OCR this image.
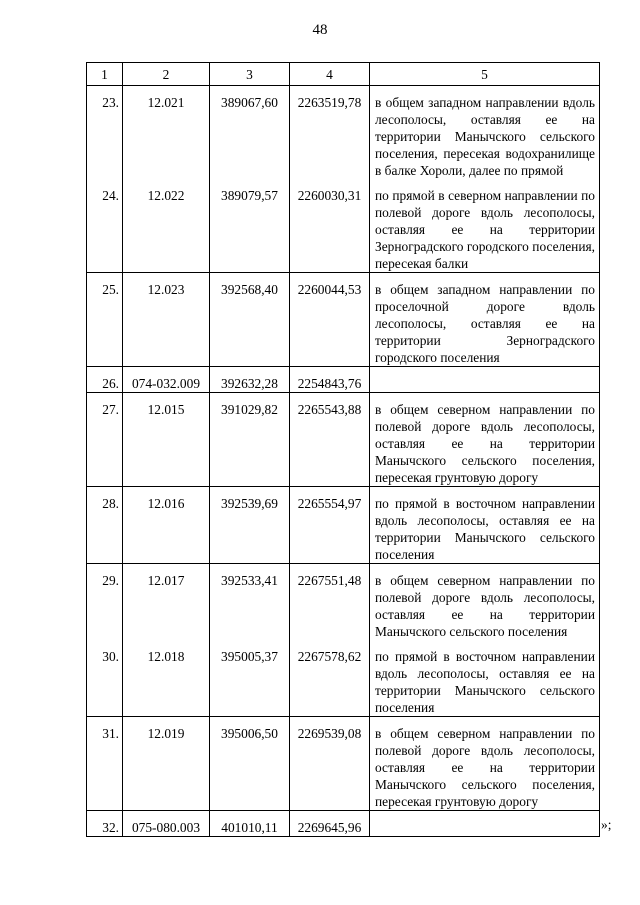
48
1	2	3	4	5
23.	12.021	389067,60	2263519,78	в общем западном направлении вдоль лесополосы, оставляя ее на территории Манычского сельского поселения, пересекая водохранилище в балке Хороли, далее по прямой
24.	12.022	389079,57	2260030,31	по прямой в северном направлении по полевой дороге вдоль лесополосы, оставляя ее на территории Зерноградского городского поселения, пересекая балки
25.	12.023	392568,40	2260044,53	в общем западном направлении по проселочной дороге вдоль лесополосы, оставляя ее на территории Зерноградского городского поселения
26.	074-032.009	392632,28	2254843,76	
27.	12.015	391029,82	2265543,88	в общем северном направлении по полевой дороге вдоль лесополосы, оставляя ее на территории Манычского сельского поселения, пересекая грунтовую дорогу
28.	12.016	392539,69	2265554,97	по прямой в восточном направлении вдоль лесополосы, оставляя ее на территории Манычского сельского поселения
29.	12.017	392533,41	2267551,48	в общем северном направлении по полевой дороге вдоль лесополосы, оставляя ее на территории Манычского сельского поселения
30.	12.018	395005,37	2267578,62	по прямой в восточном направлении вдоль лесополосы, оставляя ее на территории Манычского сельского поселения
31.	12.019	395006,50	2269539,08	в общем северном направлении по полевой дороге вдоль лесополосы, оставляя ее на территории Манычского сельского поселения, пересекая грунтовую дорогу
32.	075-080.003	401010,11	2269645,96		»;
